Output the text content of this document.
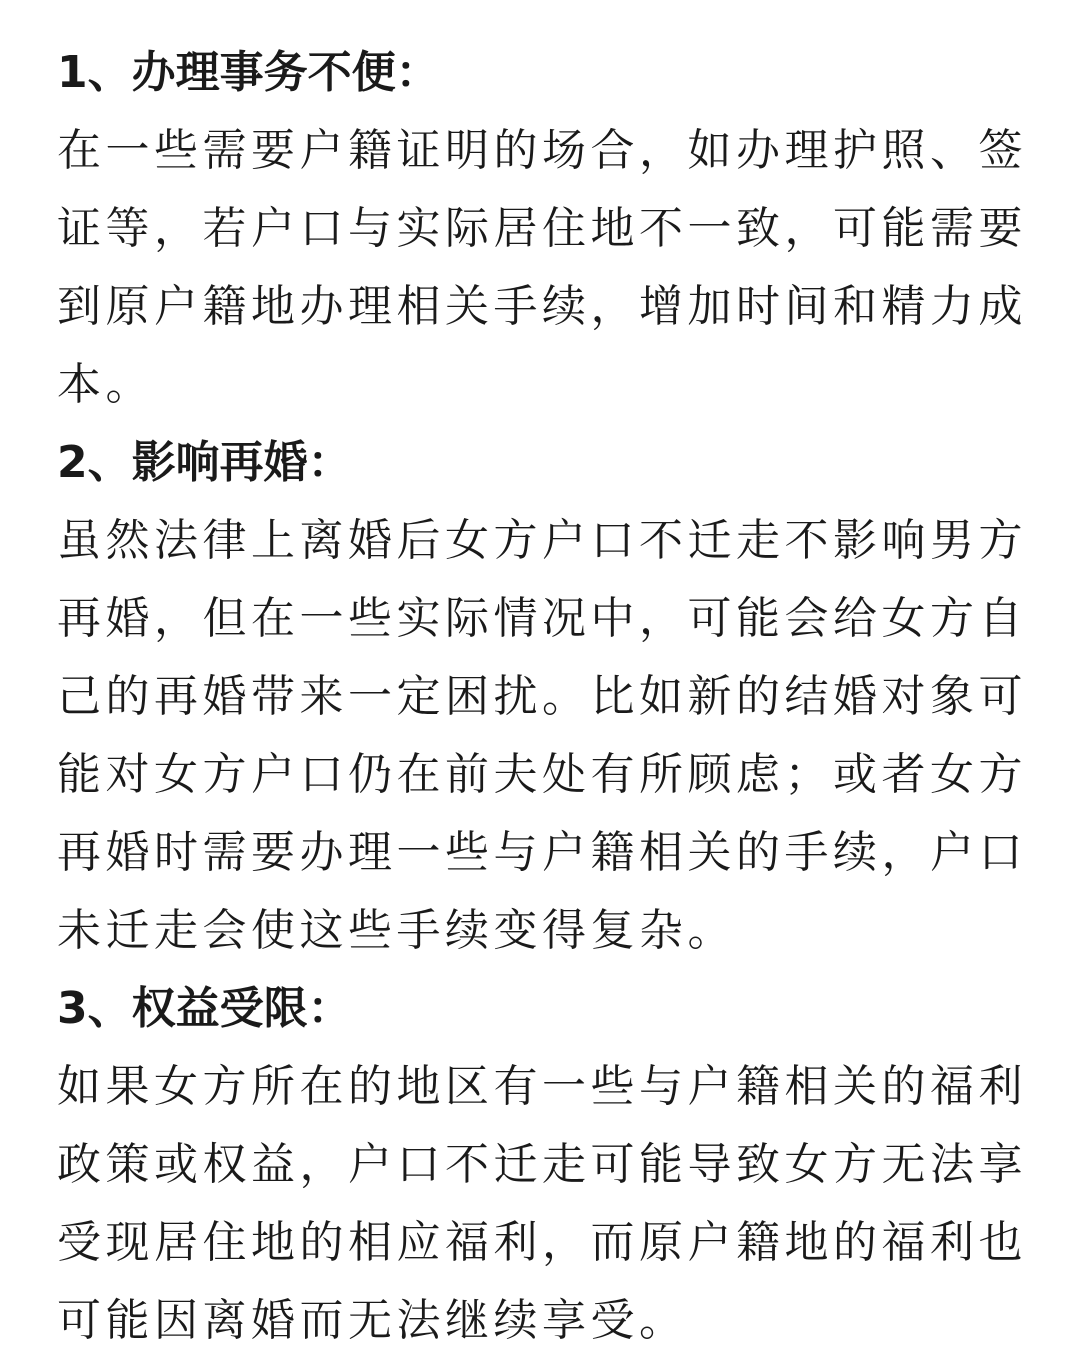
1、办理事务不便：

在一些需要户籍证明的场合，如办理护照、签证等，若户口与实际居住地不一致，可能需要到原户籍地办理相关手续，增加时间和精力成本。

2、影响再婚：

虽然法律上离婚后女方户口不迁走不影响男方再婚，但在一些实际情况中，可能会给女方自己的再婚带来一定困扰。比如新的结婚对象可能对女方户口仍在前夫处有所顾虑；或者女方再婚时需要办理一些与户籍相关的手续，户口未迁走会使这些手续变得复杂。

3、权益受限：

如果女方所在的地区有一些与户籍相关的福利政策或权益，户口不迁走可能导致女方无法享受现居住地的相应福利，而原户籍地的福利也可能因离婚而无法继续享受。
